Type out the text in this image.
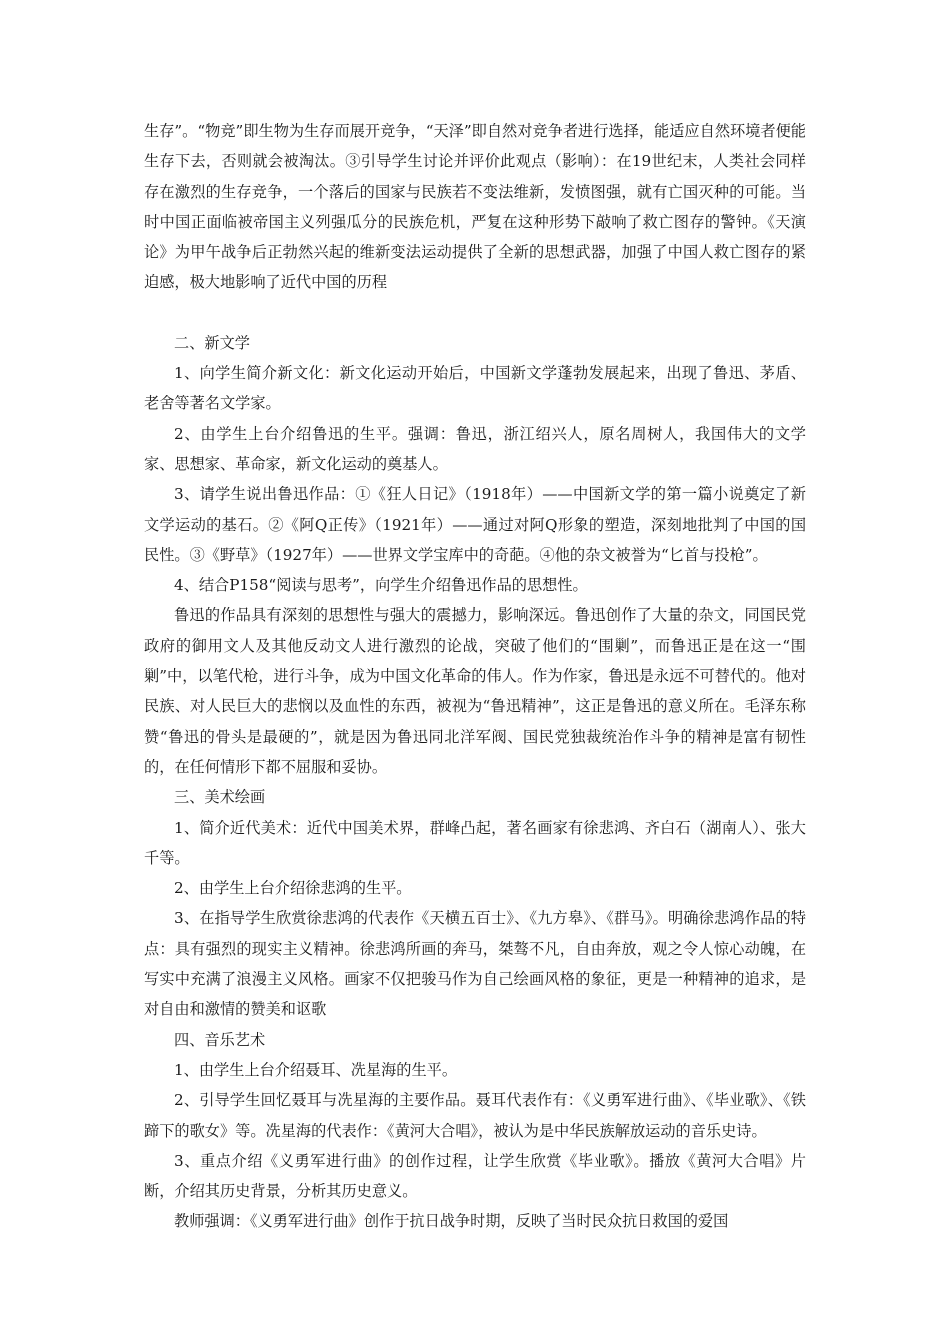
生存”。“物竞”即生物为生存而展开竞争，“天泽”即自然对竞争者进行选择，能适应自然环境者便能生存下去，否则就会被淘汰。③引导学生讨论并评价此观点（影响）：在19世纪末，人类社会同样存在激烈的生存竞争，一个落后的国家与民族若不变法维新，发愤图强，就有亡国灭种的可能。当时中国正面临被帝国主义列强瓜分的民族危机，严复在这种形势下敲响了救亡图存的警钟。《天演论》为甲午战争后正勃然兴起的维新变法运动提供了全新的思想武器，加强了中国人救亡图存的紧迫感，极大地影响了近代中国的历程

二、新文学

1、向学生简介新文化：新文化运动开始后，中国新文学蓬勃发展起来，出现了鲁迅、茅盾、老舍等著名文学家。

2、由学生上台介绍鲁迅的生平。强调：鲁迅，浙江绍兴人，原名周树人，我国伟大的文学家、思想家、革命家，新文化运动的奠基人。

3、请学生说出鲁迅作品：①《狂人日记》（1918年）——中国新文学的第一篇小说奠定了新文学运动的基石。②《阿Q正传》（1921年）——通过对阿Q形象的塑造，深刻地批判了中国的国民性。③《野草》（1927年）——世界文学宝库中的奇葩。④他的杂文被誉为“匕首与投枪”。

4、结合P158“阅读与思考”，向学生介绍鲁迅作品的思想性。

鲁迅的作品具有深刻的思想性与强大的震撼力，影响深远。鲁迅创作了大量的杂文，同国民党政府的御用文人及其他反动文人进行激烈的论战，突破了他们的“围剿”，而鲁迅正是在这一“围剿”中，以笔代枪，进行斗争，成为中国文化革命的伟人。作为作家，鲁迅是永远不可替代的。他对民族、对人民巨大的悲悯以及血性的东西，被视为“鲁迅精神”，这正是鲁迅的意义所在。毛泽东称赞“鲁迅的骨头是最硬的”，就是因为鲁迅同北洋军阀、国民党独裁统治作斗争的精神是富有韧性的，在任何情形下都不屈服和妥协。

三、美术绘画

1、简介近代美术：近代中国美术界，群峰凸起，著名画家有徐悲鸿、齐白石（湖南人）、张大千等。

2、由学生上台介绍徐悲鸿的生平。

3、在指导学生欣赏徐悲鸿的代表作《天横五百士》、《九方皋》、《群马》。明确徐悲鸿作品的特点：具有强烈的现实主义精神。徐悲鸿所画的奔马，桀骜不凡，自由奔放，观之令人惊心动魄，在写实中充满了浪漫主义风格。画家不仅把骏马作为自己绘画风格的象征，更是一种精神的追求，是对自由和激情的赞美和讴歌

四、音乐艺术

1、由学生上台介绍聂耳、冼星海的生平。

2、引导学生回忆聂耳与冼星海的主要作品。聂耳代表作有：《义勇军进行曲》、《毕业歌》、《铁蹄下的歌女》等。冼星海的代表作：《黄河大合唱》，被认为是中华民族解放运动的音乐史诗。

3、重点介绍《义勇军进行曲》的创作过程，让学生欣赏《毕业歌》。播放《黄河大合唱》片断，介绍其历史背景，分析其历史意义。

教师强调：《义勇军进行曲》创作于抗日战争时期，反映了当时民众抗日救国的爱国
